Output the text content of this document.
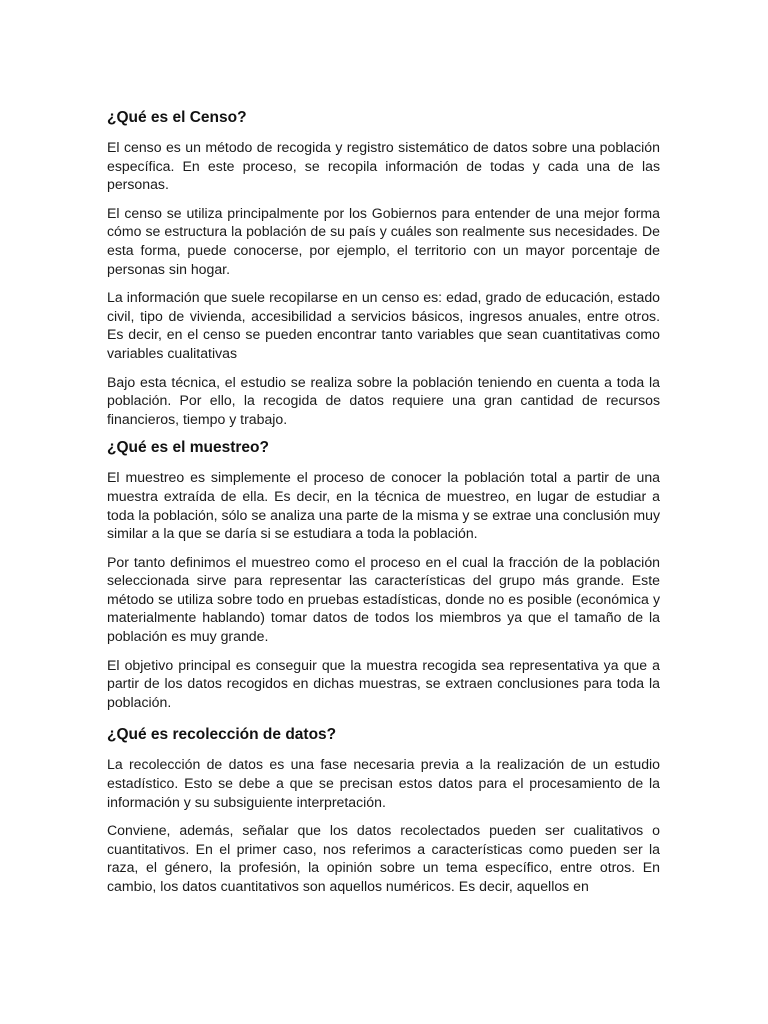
¿Qué es el Censo?

El censo es un método de recogida y registro sistemático de datos sobre una población específica. En este proceso, se recopila información de todas y cada una de las personas.

El censo se utiliza principalmente por los Gobiernos para entender de una mejor forma cómo se estructura la población de su país y cuáles son realmente sus necesidades. De esta forma, puede conocerse, por ejemplo, el territorio con un mayor porcentaje de personas sin hogar.

La información que suele recopilarse en un censo es: edad, grado de educación, estado civil, tipo de vivienda, accesibilidad a servicios básicos, ingresos anuales, entre otros. Es decir, en el censo se pueden encontrar tanto variables que sean cuantitativas como variables cualitativas

Bajo esta técnica, el estudio se realiza sobre la población teniendo en cuenta a toda la población. Por ello, la recogida de datos requiere una gran cantidad de recursos financieros, tiempo y trabajo.

¿Qué es el muestreo?

El muestreo es simplemente el proceso de conocer la población total a partir de una muestra extraída de ella. Es decir, en la técnica de muestreo, en lugar de estudiar a toda la población, sólo se analiza una parte de la misma y se extrae una conclusión muy similar a la que se daría si se estudiara a toda la población.

Por tanto definimos el muestreo como el proceso en el cual la fracción de la población seleccionada sirve para representar las características del grupo más grande. Este método se utiliza sobre todo en pruebas estadísticas, donde no es posible (económica y materialmente hablando) tomar datos de todos los miembros ya que el tamaño de la población es muy grande.

El objetivo principal es conseguir que la muestra recogida sea representativa ya que a partir de los datos recogidos en dichas muestras, se extraen conclusiones para toda la población.

¿Qué es recolección de datos?

La recolección de datos es una fase necesaria previa a la realización de un estudio estadístico. Esto se debe a que se precisan estos datos para el procesamiento de la información y su subsiguiente interpretación.

Conviene, además, señalar que los datos recolectados pueden ser cualitativos o cuantitativos. En el primer caso, nos referimos a características como pueden ser la raza, el género, la profesión, la opinión sobre un tema específico, entre otros. En cambio, los datos cuantitativos son aquellos numéricos. Es decir, aquellos en
